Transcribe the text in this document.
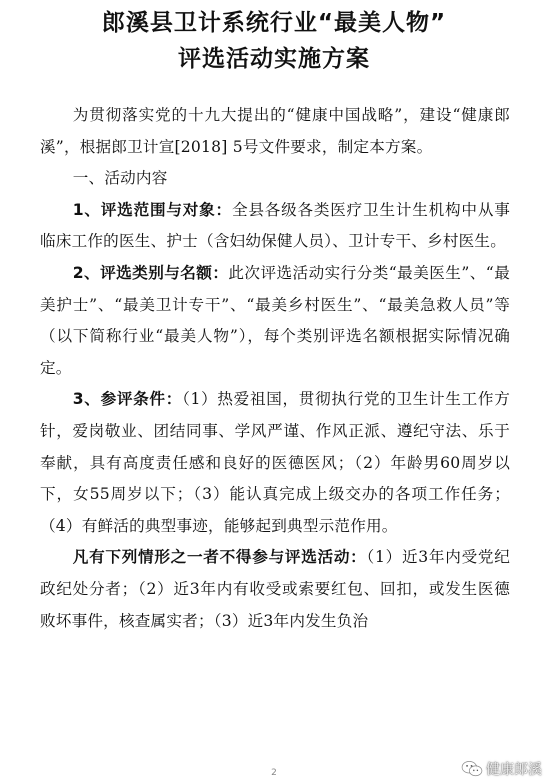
郎溪县卫计系统行业“最美人物”
评选活动实施方案

为贯彻落实党的十九大提出的“健康中国战略”，建设“健康郎溪”，根据郎卫计宣[2018] 5号文件要求，制定本方案。

一、活动内容

1、评选范围与对象：全县各级各类医疗卫生计生机构中从事临床工作的医生、护士（含妇幼保健人员）、卫计专干、乡村医生。

2、评选类别与名额：此次评选活动实行分类“最美医生”、“最美护士”、“最美卫计专干”、“最美乡村医生”、“最美急救人员”等（以下简称行业“最美人物”），每个类别评选名额根据实际情况确定。

3、参评条件：（1）热爱祖国，贯彻执行党的卫生计生工作方针，爱岗敬业、团结同事、学风严谨、作风正派、遵纪守法、乐于奉献，具有高度责任感和良好的医德医风；（2）年龄男60周岁以下，女55周岁以下；（3）能认真完成上级交办的各项工作任务；（4）有鲜活的典型事迹，能够起到典型示范作用。

凡有下列情形之一者不得参与评选活动：（1）近3年内受党纪政纪处分者；（2）近3年内有收受或索要红包、回扣，或发生医德败坏事件，核查属实者；（3）近3年内发生负治

2	健康郎溪
